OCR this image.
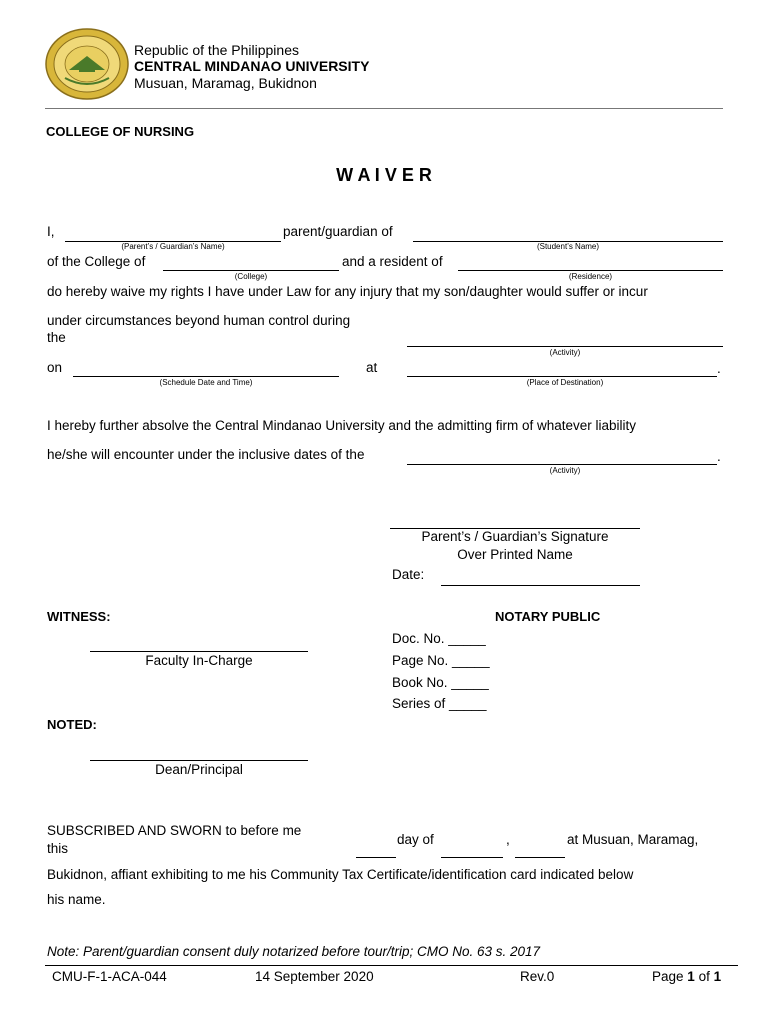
Republic of the Philippines
CENTRAL MINDANAO UNIVERSITY
Musuan, Maramag, Bukidnon
COLLEGE OF NURSING
W A I V E R
I,
(Parent’s / Guardian’s Name)
parent/guardian of
(Student’s Name)
of the College of
(College)
and a resident of
(Residence)
do hereby waive my rights I have under Law for any injury that my son/daughter would suffer or incur
under circumstances beyond human control during
the
(Activity)
on
(Schedule Date and Time)
at	.
(Place of Destination)
I hereby further absolve the Central Mindanao University and the admitting firm of whatever liability
he/she will encounter under the inclusive dates of the	.
(Activity)
Parent’s / Guardian’s Signature
Over Printed Name
Date:
WITNESS:	NOTARY PUBLIC
Faculty In-Charge
Doc. No. _____
Page No. _____
Book No. _____
Series of _____
NOTED:
Dean/Principal
SUBSCRIBED AND SWORN to before me
this
day of	,	at Musuan, Maramag,
Bukidnon, affiant exhibiting to me his Community Tax Certificate/identification card indicated below
his name.
Note: Parent/guardian consent duly notarized before tour/trip; CMO No. 63 s. 2017
CMU-F-1-ACA-044	14 September 2020	Rev.0	Page 1 of 1
